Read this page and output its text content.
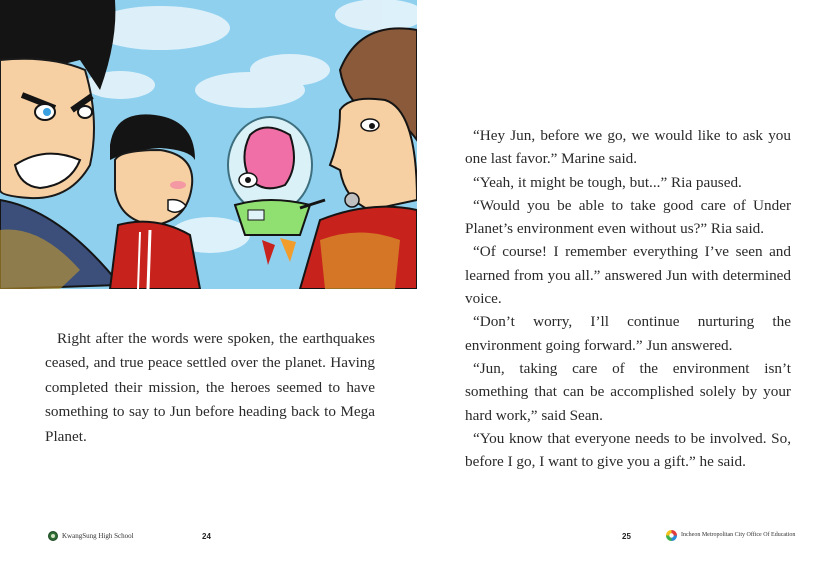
Right after the words were spoken, the earthquakes ceased, and true peace settled over the planet. Having completed their mission, the heroes seemed to have something to say to Jun before heading back to Mega Planet.

KwangSung High School	24

“Hey Jun, before we go, we would like to ask you one last favor.” Marine said.

“Yeah, it might be tough, but...” Ria paused.

“Would you be able to take good care of Under Planet’s environment even without us?” Ria said.

“Of course! I remember everything I’ve seen and learned from you all.” answered Jun with determined voice.

“Don’t worry, I’ll continue nurturing the environment going forward.” Jun answered.

“Jun, taking care of the environment isn’t something that can be accomplished solely by your hard work,” said Sean.

“You know that everyone needs to be involved. So, before I go, I want to give you a gift.” he said.

25	Incheon Metropolitan City Office Of Education
